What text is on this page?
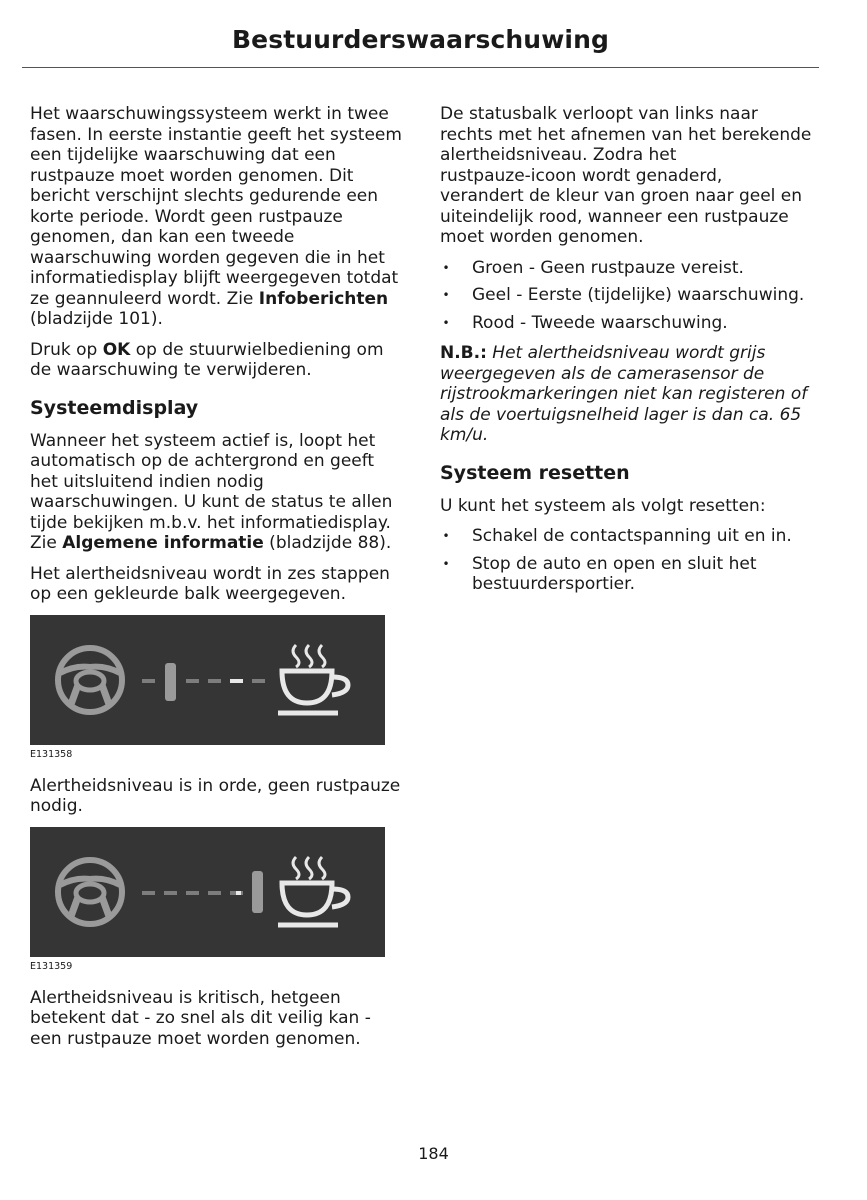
Bestuurderswaarschuwing

Het waarschuwingssysteem werkt in twee
fasen. In eerste instantie geeft het systeem
een tijdelijke waarschuwing dat een
rustpauze moet worden genomen. Dit
bericht verschijnt slechts gedurende een
korte periode. Wordt geen rustpauze
genomen, dan kan een tweede
waarschuwing worden gegeven die in het
informatiedisplay blijft weergegeven totdat
ze geannuleerd wordt. Zie Infoberichten
(bladzijde 101).

Druk op OK op de stuurwielbediening om
de waarschuwing te verwijderen.

Systeemdisplay

Wanneer het systeem actief is, loopt het
automatisch op de achtergrond en geeft
het uitsluitend indien nodig
waarschuwingen. U kunt de status te allen
tijde bekijken m.b.v. het informatiedisplay.
Zie Algemene informatie (bladzijde 88).

Het alertheidsniveau wordt in zes stappen
op een gekleurde balk weergegeven.

E131358

Alertheidsniveau is in orde, geen rustpauze
nodig.

E131359

Alertheidsniveau is kritisch, hetgeen
betekent dat - zo snel als dit veilig kan -
een rustpauze moet worden genomen.

De statusbalk verloopt van links naar
rechts met het afnemen van het berekende
alertheidsniveau. Zodra het
rustpauze-icoon wordt genaderd,
verandert de kleur van groen naar geel en
uiteindelijk rood, wanneer een rustpauze
moet worden genomen.

• Groen - Geen rustpauze vereist.
• Geel - Eerste (tijdelijke) waarschuwing.
• Rood - Tweede waarschuwing.

N.B.: Het alertheidsniveau wordt grijs
weergegeven als de camerasensor de
rijstrookmarkeringen niet kan registeren of
als de voertuigsnelheid lager is dan ca. 65
km/u.

Systeem resetten

U kunt het systeem als volgt resetten:

• Schakel de contactspanning uit en in.
• Stop de auto en open en sluit het
bestuurdersportier.
184
